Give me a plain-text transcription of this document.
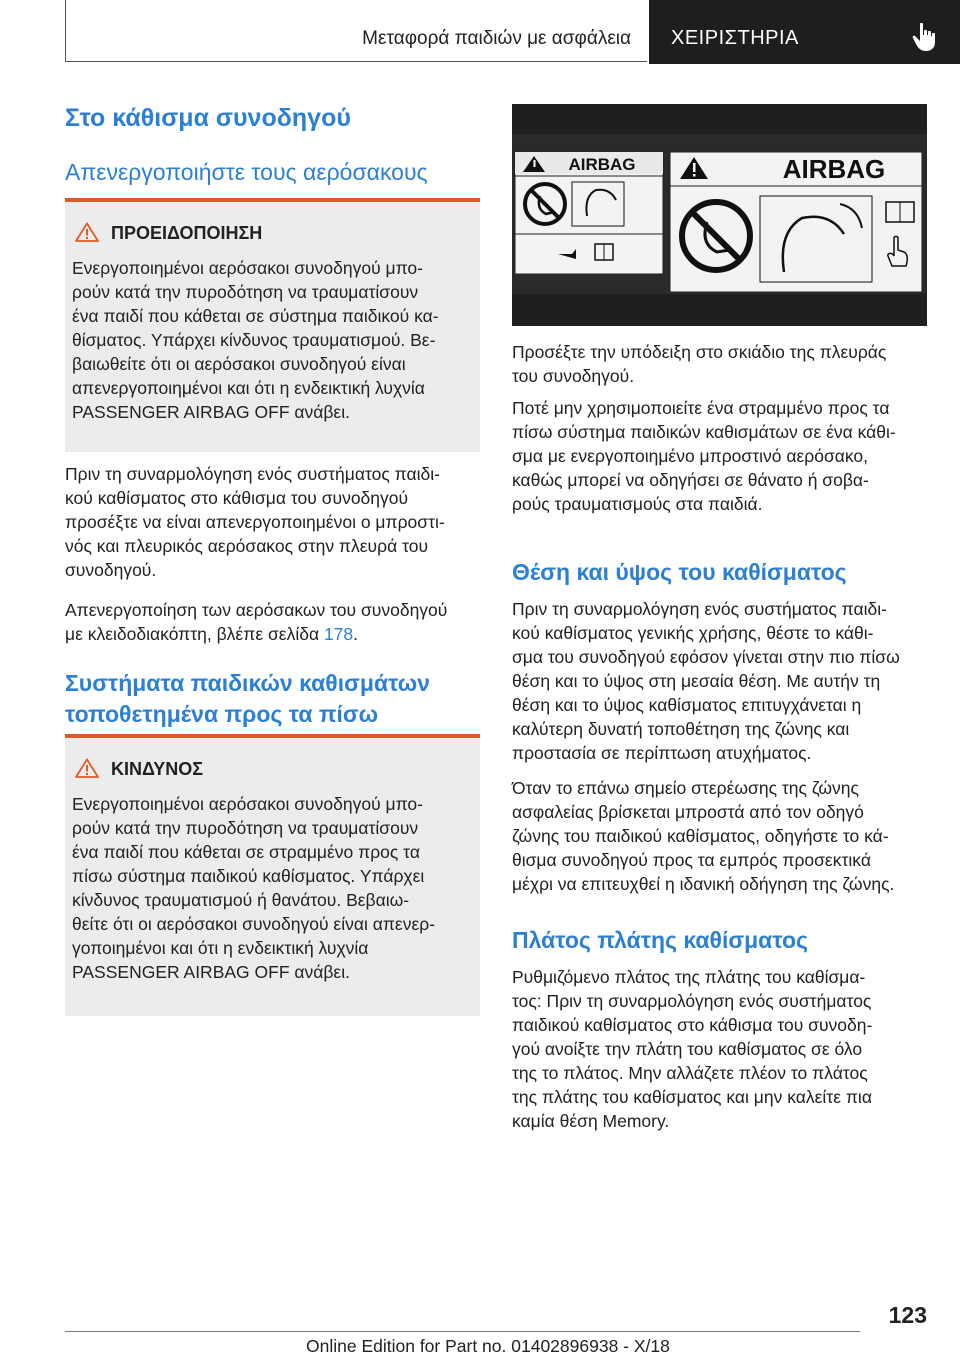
Μεταφορά παιδιών με ασφάλεια ΧΕΙΡΙΣΤΗΡΙΑ
Στο κάθισμα συνοδηγού
Απενεργοποιήστε τους αερόσακους
ΠΡΟΕΙΔΟΠΟΙΗΣΗ
Ενεργοποιημένοι αερόσακοι συνοδηγού μπο-
ρούν κατά την πυροδότηση να τραυματίσουν
ένα παιδί που κάθεται σε σύστημα παιδικού κα-
θίσματος. Υπάρχει κίνδυνος τραυματισμού. Βε-
βαιωθείτε ότι οι αερόσακοι συνοδηγού είναι
απενεργοποιημένοι και ότι η ενδεικτική λυχνία
PASSENGER AIRBAG OFF ανάβει.
Πριν τη συναρμολόγηση ενός συστήματος παιδι-
κού καθίσματος στο κάθισμα του συνοδηγού
προσέξτε να είναι απενεργοποιημένοι ο μπροστι-
νός και πλευρικός αερόσακος στην πλευρά του
συνοδηγού.
Απενεργοποίηση των αερόσακων του συνοδηγού
με κλειδοδιακόπτη, βλέπε σελίδα 178.
Συστήματα παιδικών καθισμάτων
τοποθετημένα προς τα πίσω
ΚΙΝΔΥΝΟΣ
Ενεργοποιημένοι αερόσακοι συνοδηγού μπο-
ρούν κατά την πυροδότηση να τραυματίσουν
ένα παιδί που κάθεται σε στραμμένο προς τα
πίσω σύστημα παιδικού καθίσματος. Υπάρχει
κίνδυνος τραυματισμού ή θανάτου. Βεβαιω-
θείτε ότι οι αερόσακοι συνοδηγού είναι απενερ-
γοποιημένοι και ότι η ενδεικτική λυχνία
PASSENGER AIRBAG OFF ανάβει.
AIRBAG	AIRBAG
Προσέξτε την υπόδειξη στο σκιάδιο της πλευράς
του συνοδηγού.
Ποτέ μην χρησιμοποιείτε ένα στραμμένο προς τα
πίσω σύστημα παιδικών καθισμάτων σε ένα κάθι-
σμα με ενεργοποιημένο μπροστινό αερόσακο,
καθώς μπορεί να οδηγήσει σε θάνατο ή σοβα-
ρούς τραυματισμούς στα παιδιά.
Θέση και ύψος του καθίσματος
Πριν τη συναρμολόγηση ενός συστήματος παιδι-
κού καθίσματος γενικής χρήσης, θέστε το κάθι-
σμα του συνοδηγού εφόσον γίνεται στην πιο πίσω
θέση και το ύψος στη μεσαία θέση. Με αυτήν τη
θέση και το ύψος καθίσματος επιτυγχάνεται η
καλύτερη δυνατή τοποθέτηση της ζώνης και
προστασία σε περίπτωση ατυχήματος.
Όταν το επάνω σημείο στερέωσης της ζώνης
ασφαλείας βρίσκεται μπροστά από τον οδηγό
ζώνης του παιδικού καθίσματος, οδηγήστε το κά-
θισμα συνοδηγού προς τα εμπρός προσεκτικά
μέχρι να επιτευχθεί η ιδανική οδήγηση της ζώνης.
Πλάτος πλάτης καθίσματος
Ρυθμιζόμενο πλάτος της πλάτης του καθίσμα-
τος: Πριν τη συναρμολόγηση ενός συστήματος
παιδικού καθίσματος στο κάθισμα του συνοδη-
γού ανοίξτε την πλάτη του καθίσματος σε όλο
της το πλάτος. Μην αλλάζετε πλέον το πλάτος
της πλάτης του καθίσματος και μην καλείτε πια
καμία θέση Memory.
123
Online Edition for Part no. 01402896938 - X/18
